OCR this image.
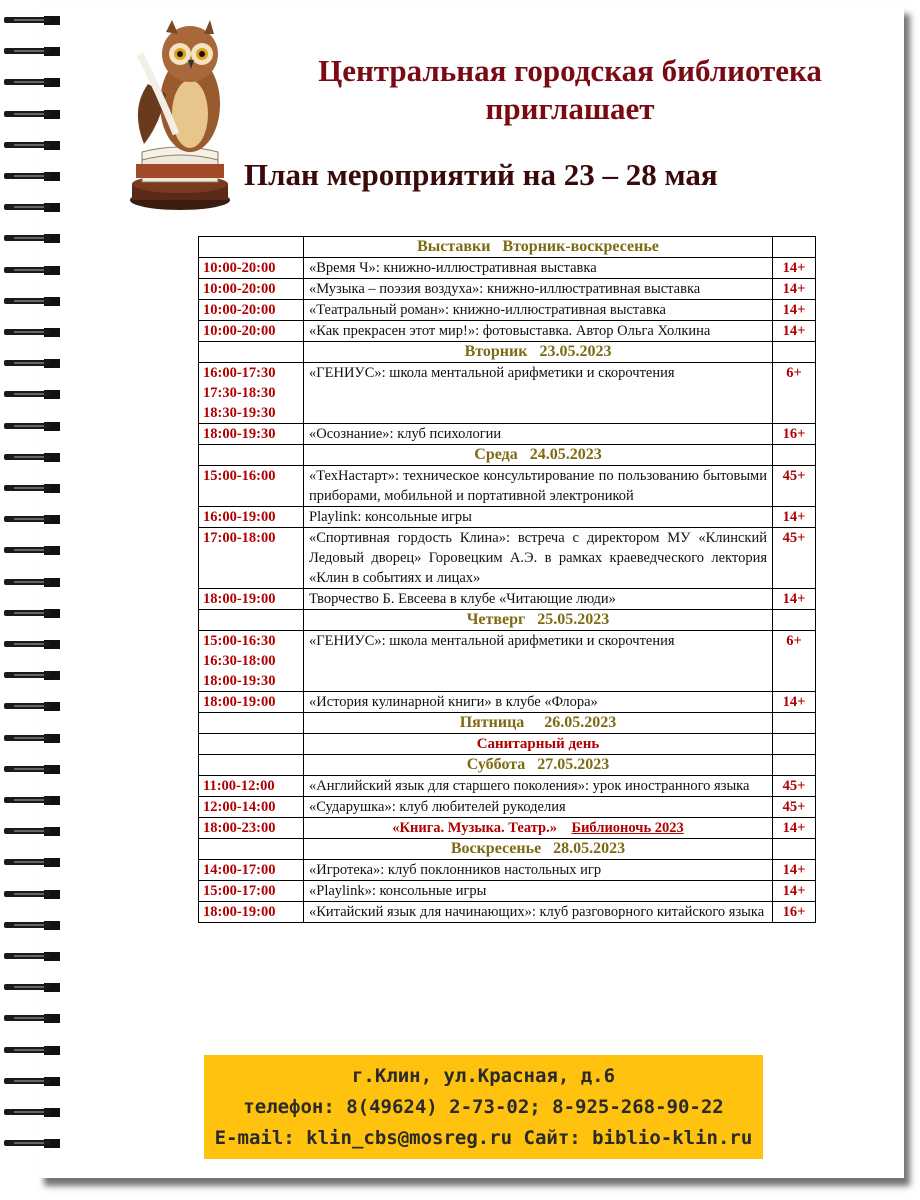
Центральная городская библиотека
приглашает
План мероприятий на 23 – 28 мая
	Выставки   Вторник-воскресенье	

10:00-20:00	«Время Ч»: книжно-иллюстративная выставка	14+

10:00-20:00	«Музыка – поэзия воздуха»: книжно-иллюстративная выставка	14+

10:00-20:00	«Театральный роман»: книжно-иллюстративная выставка	14+

10:00-20:00	«Как прекрасен этот мир!»: фотовыставка. Автор Ольга Холкина	14+
	Вторник   23.05.2023	

16:00-17:30
17:30-18:30
18:30-19:30	«ГЕНИУС»: школа ментальной арифметики и скорочтения	6+

18:00-19:30	«Осознание»: клуб психологии	16+
	Среда   24.05.2023	

15:00-16:00	«ТехНастарт»: техническое консультирование по пользованию бытовыми приборами, мобильной и портативной электроникой	45+

16:00-19:00	Playlink: консольные игры	14+

17:00-18:00	«Спортивная гордость Клина»: встреча с директором МУ «Клинский Ледовый дворец» Горовецким А.Э. в рамках краеведческого лектория «Клин в событиях и лицах»	45+

18:00-19:00	Творчество Б. Евсеева в клубе «Читающие люди»	14+
	Четверг   25.05.2023	

15:00-16:30
16:30-18:00
18:00-19:30	«ГЕНИУС»: школа ментальной арифметики и скорочтения	6+

18:00-19:00	«История кулинарной книги» в клубе «Флора»	14+
	Пятница     26.05.2023	
	Санитарный день	
	Суббота   27.05.2023	

11:00-12:00	«Английский язык для старшего поколения»: урок иностранного языка	45+

12:00-14:00	«Сударушка»: клуб любителей рукоделия	45+

18:00-23:00	«Книга. Музыка. Театр.» Библионочь 2023	14+
	Воскресенье   28.05.2023	

14:00-17:00	«Игротека»: клуб поклонников настольных игр	14+

15:00-17:00	«Playlink»: консольные игры	14+

18:00-19:00	«Китайский язык для начинающих»: клуб разговорного китайского языка	16+
г.Клин, ул.Красная, д.6
телефон: 8(49624) 2-73-02; 8-925-268-90-22
E-mail: klin_cbs@mosreg.ru Сайт: biblio-klin.ru
